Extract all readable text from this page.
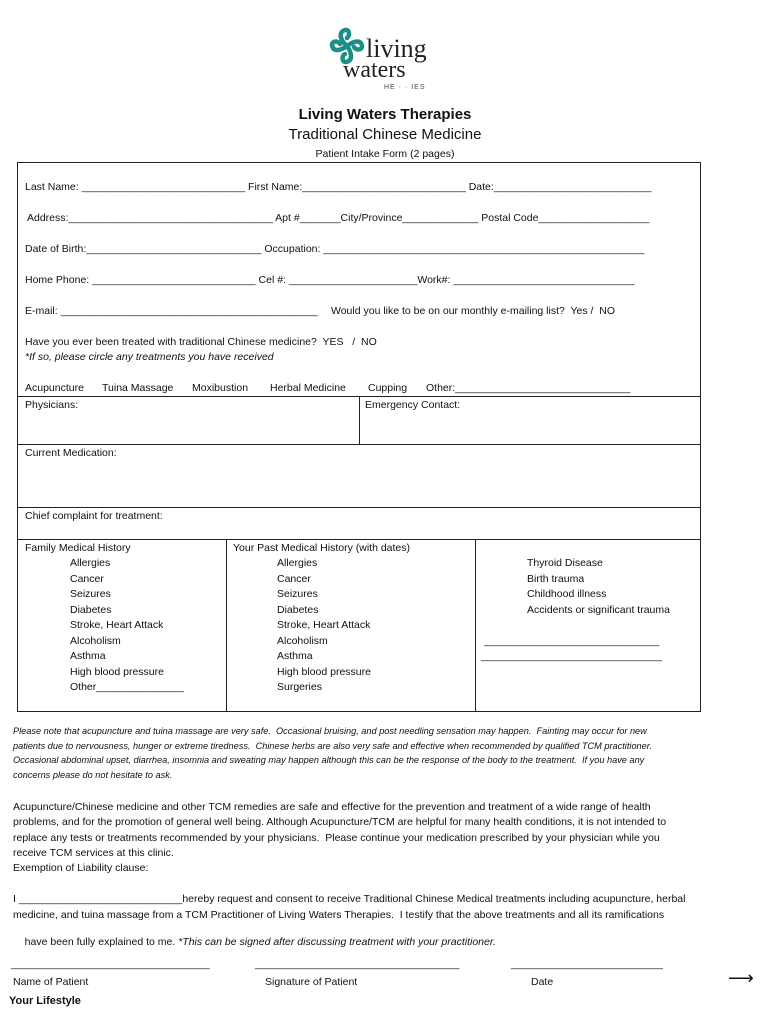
living
waters
HE · · IES
Living Waters Therapies
Traditional Chinese Medicine
Patient Intake Form (2 pages)
Last Name: ____________________________ First Name:____________________________ Date:___________________________
Address:___________________________________ Apt #_______City/Province_____________ Postal Code___________________
Date of Birth:______________________________ Occupation: _______________________________________________________
Home Phone: ____________________________ Cel #: ______________________Work#: _______________________________
E-mail: ____________________________________________ Would you like to be on our monthly e-mailing list?  Yes /  NO
Have you ever been treated with traditional Chinese medicine?  YES   /  NO
*If so, please circle any treatments you have received
Acupuncture Tuina Massage Moxibustion Herbal Medicine Cupping Other:______________________________
Physicians:	Emergency Contact:
Current Medication:
Chief complaint for treatment:
Family Medical History
Allergies
Cancer
Seizures
Diabetes
Stroke, Heart Attack
Alcoholism
Asthma
High blood pressure
Other_______________
Your Past Medical History (with dates)
Allergies
Cancer
Seizures
Diabetes
Stroke, Heart Attack
Alcoholism
Asthma
High blood pressure
Surgeries
Thyroid Disease
Birth trauma
Childhood illness
Accidents or significant trauma
______________________________
_______________________________
Please note that acupuncture and tuina massage are very safe.  Occasional bruising, and post needling sensation may happen.  Fainting may occur for new
patients due to nervousness, hunger or extreme tiredness.  Chinese herbs are also very safe and effective when recommended by qualified TCM practitioner.
Occasional abdominal upset, diarrhea, insomnia and sweating may happen although this can be the response of the body to the treatment.  If you have any
concerns please do not hesitate to ask.
Acupuncture/Chinese medicine and other TCM remedies are safe and effective for the prevention and treatment of a wide range of health
problems, and for the promotion of general well being. Although Acupuncture/TCM are helpful for many health conditions, it is not intended to
replace any tests or treatments recommended by your physicians.  Please continue your medication prescribed by your physician while you
receive TCM services at this clinic.
Exemption of Liability clause:
I ____________________________hereby request and consent to receive Traditional Chinese Medical treatments including acupuncture, herbal
medicine, and tuina massage from a TCM Practitioner of Living Waters Therapies.  I testify that the above treatments and all its ramifications

have been fully explained to me. *This can be signed after discussing treatment with your practitioner.

__________________________________	___________________________________	__________________________
Name of Patient	Signature of Patient	Date	⟶
Your Lifestyle
